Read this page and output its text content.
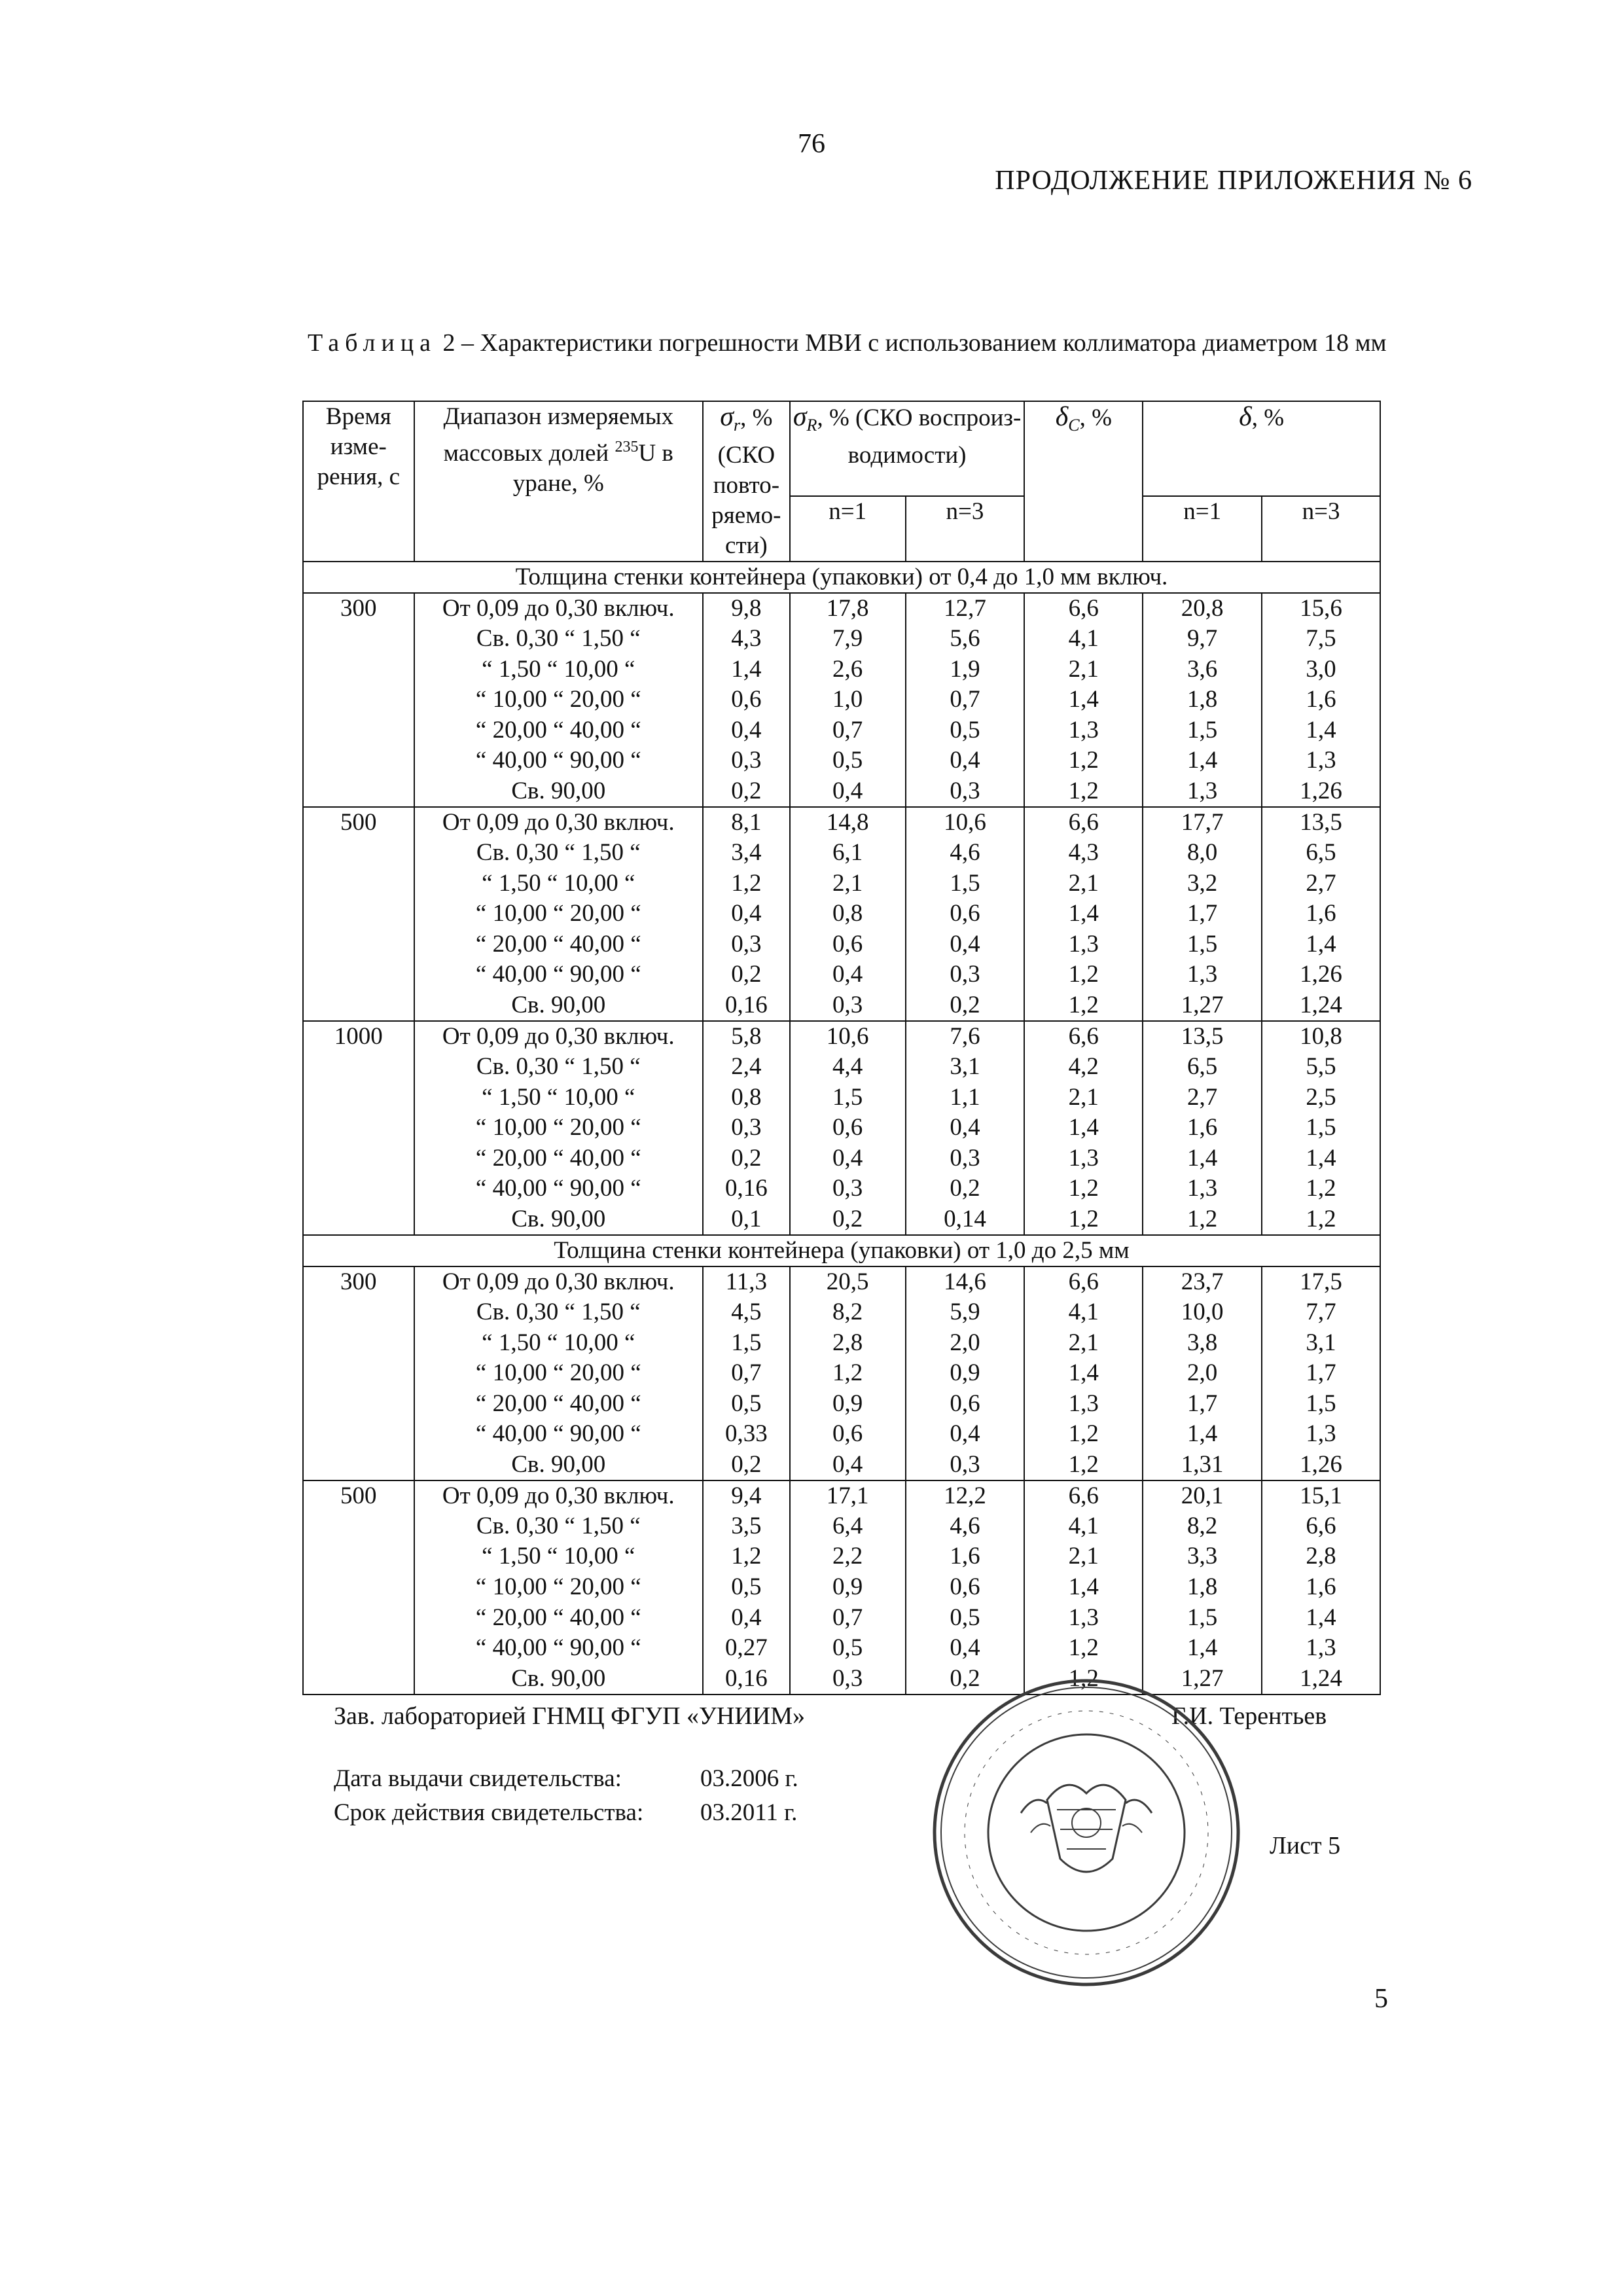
76
ПРОДОЛЖЕНИЕ ПРИЛОЖЕНИЯ № 6
Таблица 2 – Характеристики погрешности МВИ с использованием коллиматора диаметром 18 мм
Время изме-рения, с	Диапазон измеряемых массовых долей $^{235}$U в уране, %	$\sigma_r$, % (СКО повто-ряемо-сти)	$\sigma_R$, % (СКО воспроиз-водимости)		$\delta_C$, %	δ, %	
			n=1	n=3		n=1	n=3
Толщина стенки контейнера (упаковки) от 0,4 до 1,0 мм включ.							
300	От 0,09 до 0,30 включ.	9,8	17,8	12,7	6,6	20,8	15,6
	Св. 0,30 “ 1,50 “	4,3	7,9	5,6	4,1	9,7	7,5
	“ 1,50 “ 10,00 “	1,4	2,6	1,9	2,1	3,6	3,0
	“ 10,00 “ 20,00 “	0,6	1,0	0,7	1,4	1,8	1,6
	“ 20,00 “ 40,00 “	0,4	0,7	0,5	1,3	1,5	1,4
	“ 40,00 “ 90,00 “	0,3	0,5	0,4	1,2	1,4	1,3
	Св. 90,00	0,2	0,4	0,3	1,2	1,3	1,26
500	От 0,09 до 0,30 включ.	8,1	14,8	10,6	6,6	17,7	13,5
	Св. 0,30 “ 1,50 “	3,4	6,1	4,6	4,3	8,0	6,5
	“ 1,50 “ 10,00 “	1,2	2,1	1,5	2,1	3,2	2,7
	“ 10,00 “ 20,00 “	0,4	0,8	0,6	1,4	1,7	1,6
	“ 20,00 “ 40,00 “	0,3	0,6	0,4	1,3	1,5	1,4
	“ 40,00 “ 90,00 “	0,2	0,4	0,3	1,2	1,3	1,26
	Св. 90,00	0,16	0,3	0,2	1,2	1,27	1,24
1000	От 0,09 до 0,30 включ.	5,8	10,6	7,6	6,6	13,5	10,8
	Св. 0,30 “ 1,50 “	2,4	4,4	3,1	4,2	6,5	5,5
	“ 1,50 “ 10,00 “	0,8	1,5	1,1	2,1	2,7	2,5
	“ 10,00 “ 20,00 “	0,3	0,6	0,4	1,4	1,6	1,5
	“ 20,00 “ 40,00 “	0,2	0,4	0,3	1,3	1,4	1,4
	“ 40,00 “ 90,00 “	0,16	0,3	0,2	1,2	1,3	1,2
	Св. 90,00	0,1	0,2	0,14	1,2	1,2	1,2
Толщина стенки контейнера (упаковки) от 1,0 до 2,5 мм							
300	От 0,09 до 0,30 включ.	11,3	20,5	14,6	6,6	23,7	17,5
	Св. 0,30 “ 1,50 “	4,5	8,2	5,9	4,1	10,0	7,7
	“ 1,50 “ 10,00 “	1,5	2,8	2,0	2,1	3,8	3,1
	“ 10,00 “ 20,00 “	0,7	1,2	0,9	1,4	2,0	1,7
	“ 20,00 “ 40,00 “	0,5	0,9	0,6	1,3	1,7	1,5
	“ 40,00 “ 90,00 “	0,33	0,6	0,4	1,2	1,4	1,3
	Св. 90,00	0,2	0,4	0,3	1,2	1,31	1,26
500	От 0,09 до 0,30 включ.	9,4	17,1	12,2	6,6	20,1	15,1
	Св. 0,30 “ 1,50 “	3,5	6,4	4,6	4,1	8,2	6,6
	“ 1,50 “ 10,00 “	1,2	2,2	1,6	2,1	3,3	2,8
	“ 10,00 “ 20,00 “	0,5	0,9	0,6	1,4	1,8	1,6
	“ 20,00 “ 40,00 “	0,4	0,7	0,5	1,3	1,5	1,4
	“ 40,00 “ 90,00 “	0,27	0,5	0,4	1,2	1,4	1,3
	Св. 90,00	0,16	0,3	0,2	1,2	1,27	1,24
Зав. лабораторией ГНМЦ ФГУП «УНИИМ»	Г.И. Терентьев
Дата выдачи свидетельства:	03.2006 г.
Срок действия свидетельства:	03.2011 г.
Лист 5
5
